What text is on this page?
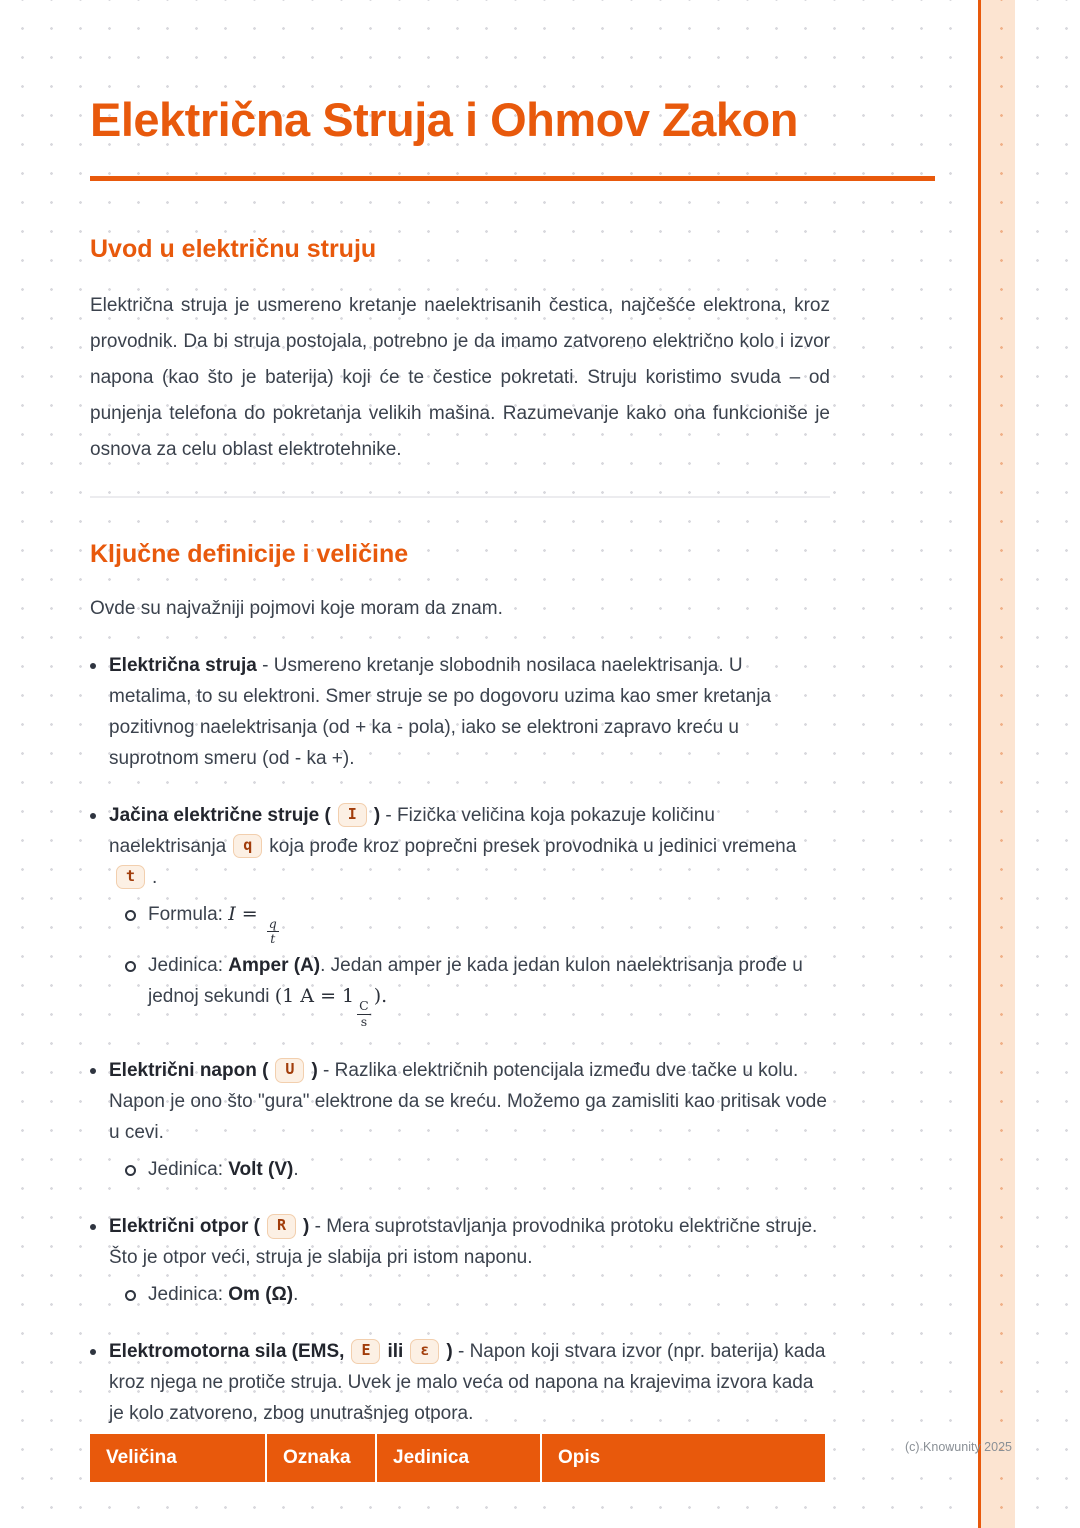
Električna Struja i Ohmov Zakon
Uvod u električnu struju

Električna struja je usmereno kretanje naelektrisanih čestica, najčešće elektrona, kroz provodnik. Da bi struja postojala, potrebno je da imamo zatvoreno električno kolo i izvor napona (kao što je baterija) koji će te čestice pokretati. Struju koristimo svuda – od punjenja telefona do pokretanja velikih mašina. Razumevanje kako ona funkcioniše je osnova za celu oblast elektrotehnike.

Ključne definicije i veličine

Ovde su najvažniji pojmovi koje moram da znam.

Električna struja - Usmereno kretanje slobodnih nosilaca naelektrisanja. U metalima, to su elektroni. Smer struje se po dogovoru uzima kao smer kretanja pozitivnog naelektrisanja (od + ka - pola), iako se elektroni zapravo kreću u suprotnom smeru (od - ka +).
Jačina električne struje ( I ) - Fizička veličina koja pokazuje količinu naelektrisanja q koja prođe kroz poprečni presek provodnika u jedinici vremenat .
Formula: I =
$\frac{q}{t}$
Jedinica: Amper (A). Jedan amper je kada jedan kulon naelektrisanja prođe u jednoj sekundi (1 A = 1
$\frac{C}{s}$
).
Električni napon ( U ) - Razlika električnih potencijala između dve tačke u kolu. Napon je ono što "gura" elektrone da se kreću. Možemo ga zamisliti kao pritisak vode u cevi.
Jedinica: Volt (V).
Električni otpor ( R ) - Mera suprotstavljanja provodnika protoku električne struje. Što je otpor veći, struja je slabija pri istom naponu.
Jedinica: Om (Ω).
Elektromotorna sila (EMS, E ili ε ) - Napon koji stvara izvor (npr. baterija) kada kroz njega ne protiče struja. Uvek je malo veća od napona na krajevima izvora kada je kolo zatvoreno, zbog unutrašnjeg otpora.
Veličina	Oznaka	Jedinica	Opis	(c) Knowunity 2025
